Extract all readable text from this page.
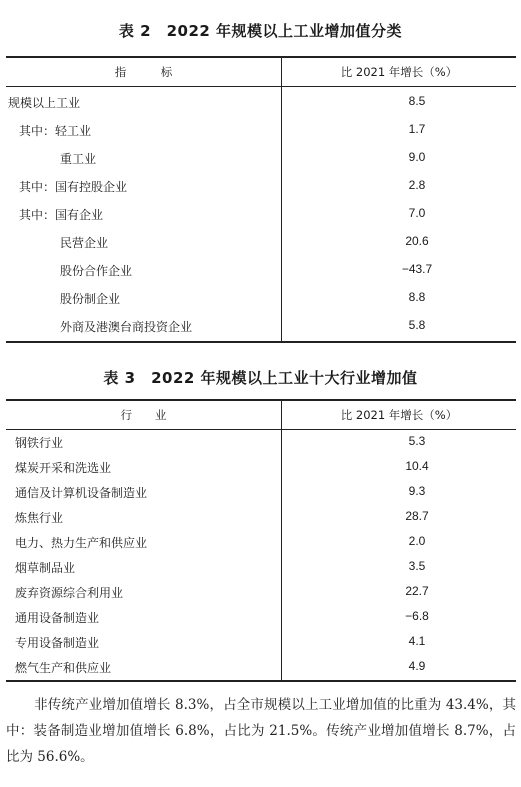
表 2　2022 年规模以上工业增加值分类
指　　　标	比 2021 年增长（%）
规模以上工业	8.5
其中：轻工业	1.7
重工业	9.0
其中：国有控股企业	2.8
其中：国有企业	7.0
民营企业	20.6
股份合作企业	−43.7
股份制企业	8.8
外商及港澳台商投资企业	5.8
表 3　2022 年规模以上工业十大行业增加值
行　　业	比 2021 年增长（%）
钢铁行业	5.3
煤炭开采和洗选业	10.4
通信及计算机设备制造业	9.3
炼焦行业	28.7
电力、热力生产和供应业	2.0
烟草制品业	3.5
废弃资源综合利用业	22.7
通用设备制造业	−6.8
专用设备制造业	4.1
燃气生产和供应业	4.9
非传统产业增加值增长 8.3%，占全市规模以上工业增加值的比重为 43.4%，其中：装备制造业增加值增长 6.8%，占比为 21.5%。传统产业增加值增长 8.7%，占比为 56.6%。
